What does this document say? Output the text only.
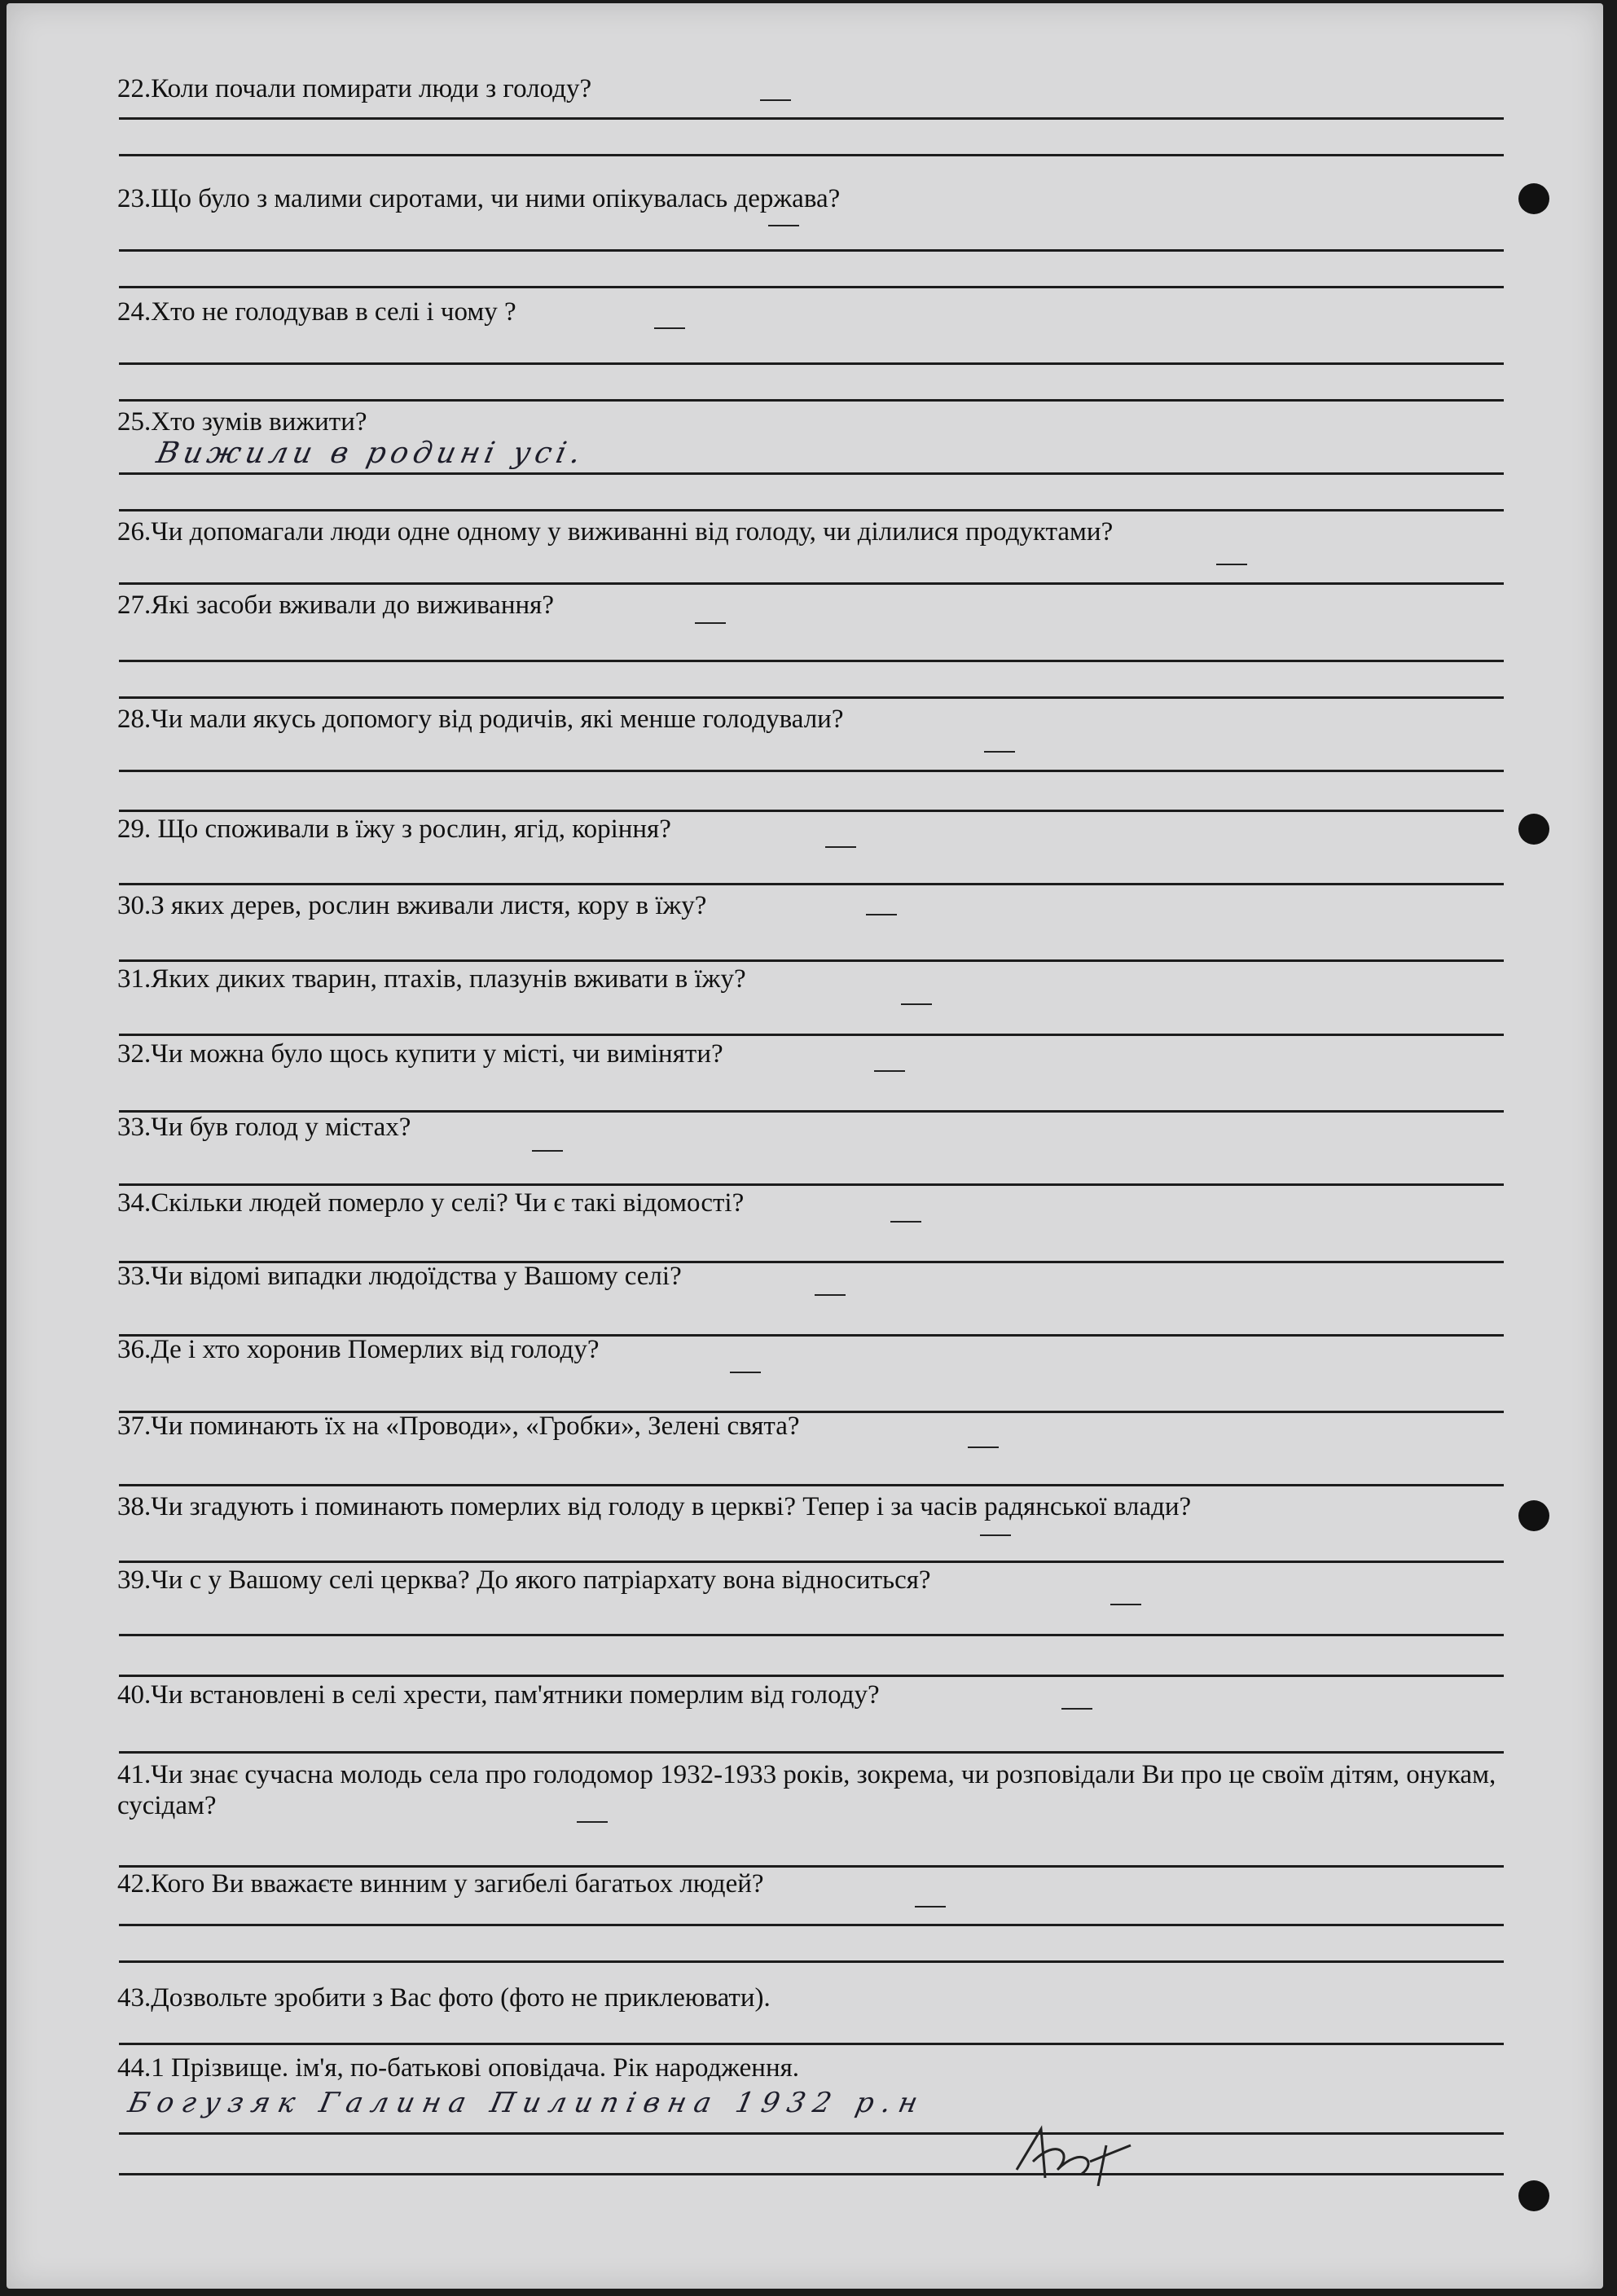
22.Коли почали помирати люди з голоду?
23.Що було з малими сиротами, чи ними опікувалась держава?
24.Хто не голодував в селі і чому ?
25.Хто зумів вижити?
Вижили в родині усі.
26.Чи допомагали люди одне одному у виживанні від голоду, чи ділилися продуктами?
27.Які засоби вживали до виживання?
28.Чи мали якусь допомогу від родичів, які менше голодували?
29. Що споживали в їжу з рослин, ягід, коріння?
30.З яких дерев, рослин вживали листя, кору в їжу?
31.Яких диких тварин, птахів, плазунів вживати в їжу?
32.Чи можна було щось купити у місті, чи виміняти?
33.Чи був голод у містах?
34.Скільки людей померло у селі? Чи є такі відомості?
33.Чи відомі випадки людоїдства у Вашому селі?
36.Де і хто хоронив Померлих від голоду?
37.Чи поминають їх на «Проводи», «Гробки», Зелені свята?
38.Чи згадують і поминають померлих від голоду в церкві? Тепер і за часів радянської влади?
39.Чи с у Вашому селі церква? До якого патріархату вона відноситься?
40.Чи встановлені в селі хрести, пам'ятники померлим від голоду?
41.Чи знає сучасна молодь села про голодомор 1932-1933 років, зокрема, чи розповідали Ви про це своїм дітям, онукам, сусідам?
42.Кого Ви вважаєте винним у загибелі багатьох людей?
43.Дозвольте зробити з Вас фото (фото не приклеювати).
44.1 Прізвище. ім'я, по-батькові оповідача. Рік народження.
Богузяк Галина Пилипівна 1932 р.н
